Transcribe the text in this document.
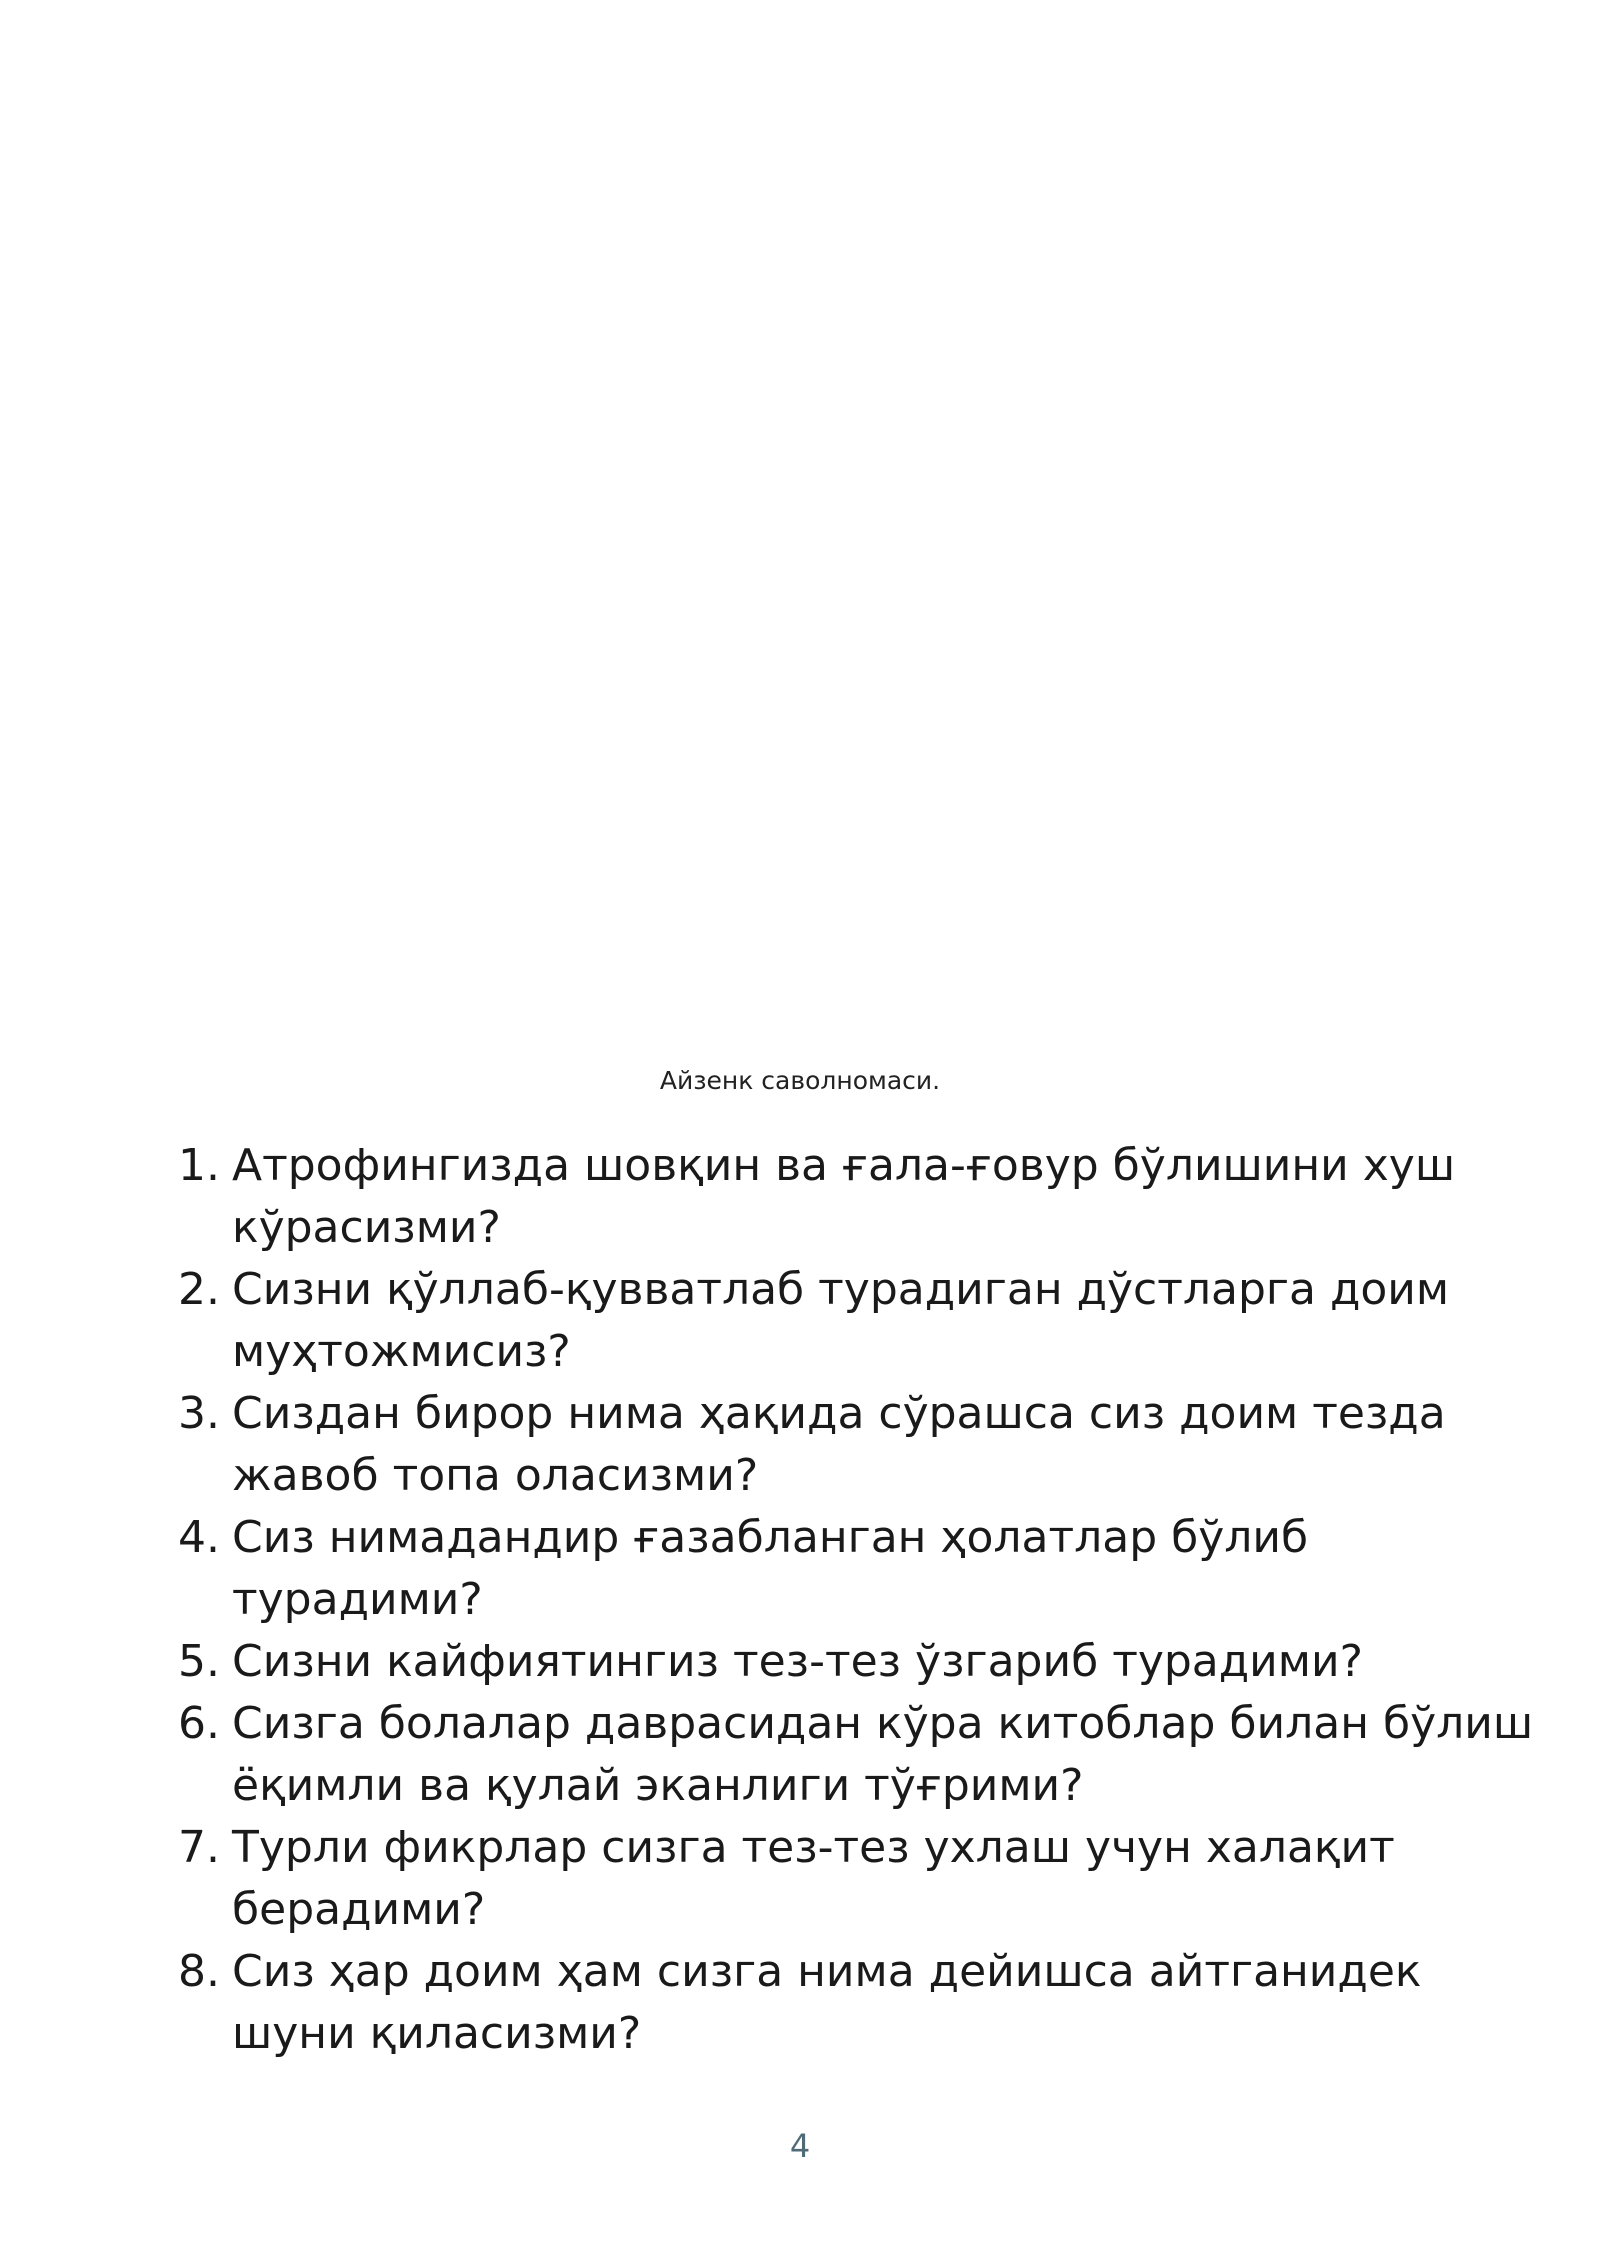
Айзенк саволномаси.
1. Атрофингизда шовқин ва ғала-ғовур бўлишини хуш кўрасизми?
2. Сизни қўллаб-қувватлаб турадиган дўстларга доим муҳтожмисиз?
3. Сиздан бирор нима ҳақида сўрашса сиз доим тезда жавоб топа оласизми?
4. Сиз нимадандир ғазабланган ҳолатлар бўлиб турадими?
5. Сизни кайфиятингиз тез-тез ўзгариб турадими?
6. Сизга болалар даврасидан кўра китоблар билан бўлиш ёқимли ва қулай эканлиги тўғрими?
7. Турли фикрлар сизга тез-тез ухлаш учун халақит берадими?
8. Сиз ҳар доим ҳам сизга нима дейишса айтганидек шуни қиласизми?
4
